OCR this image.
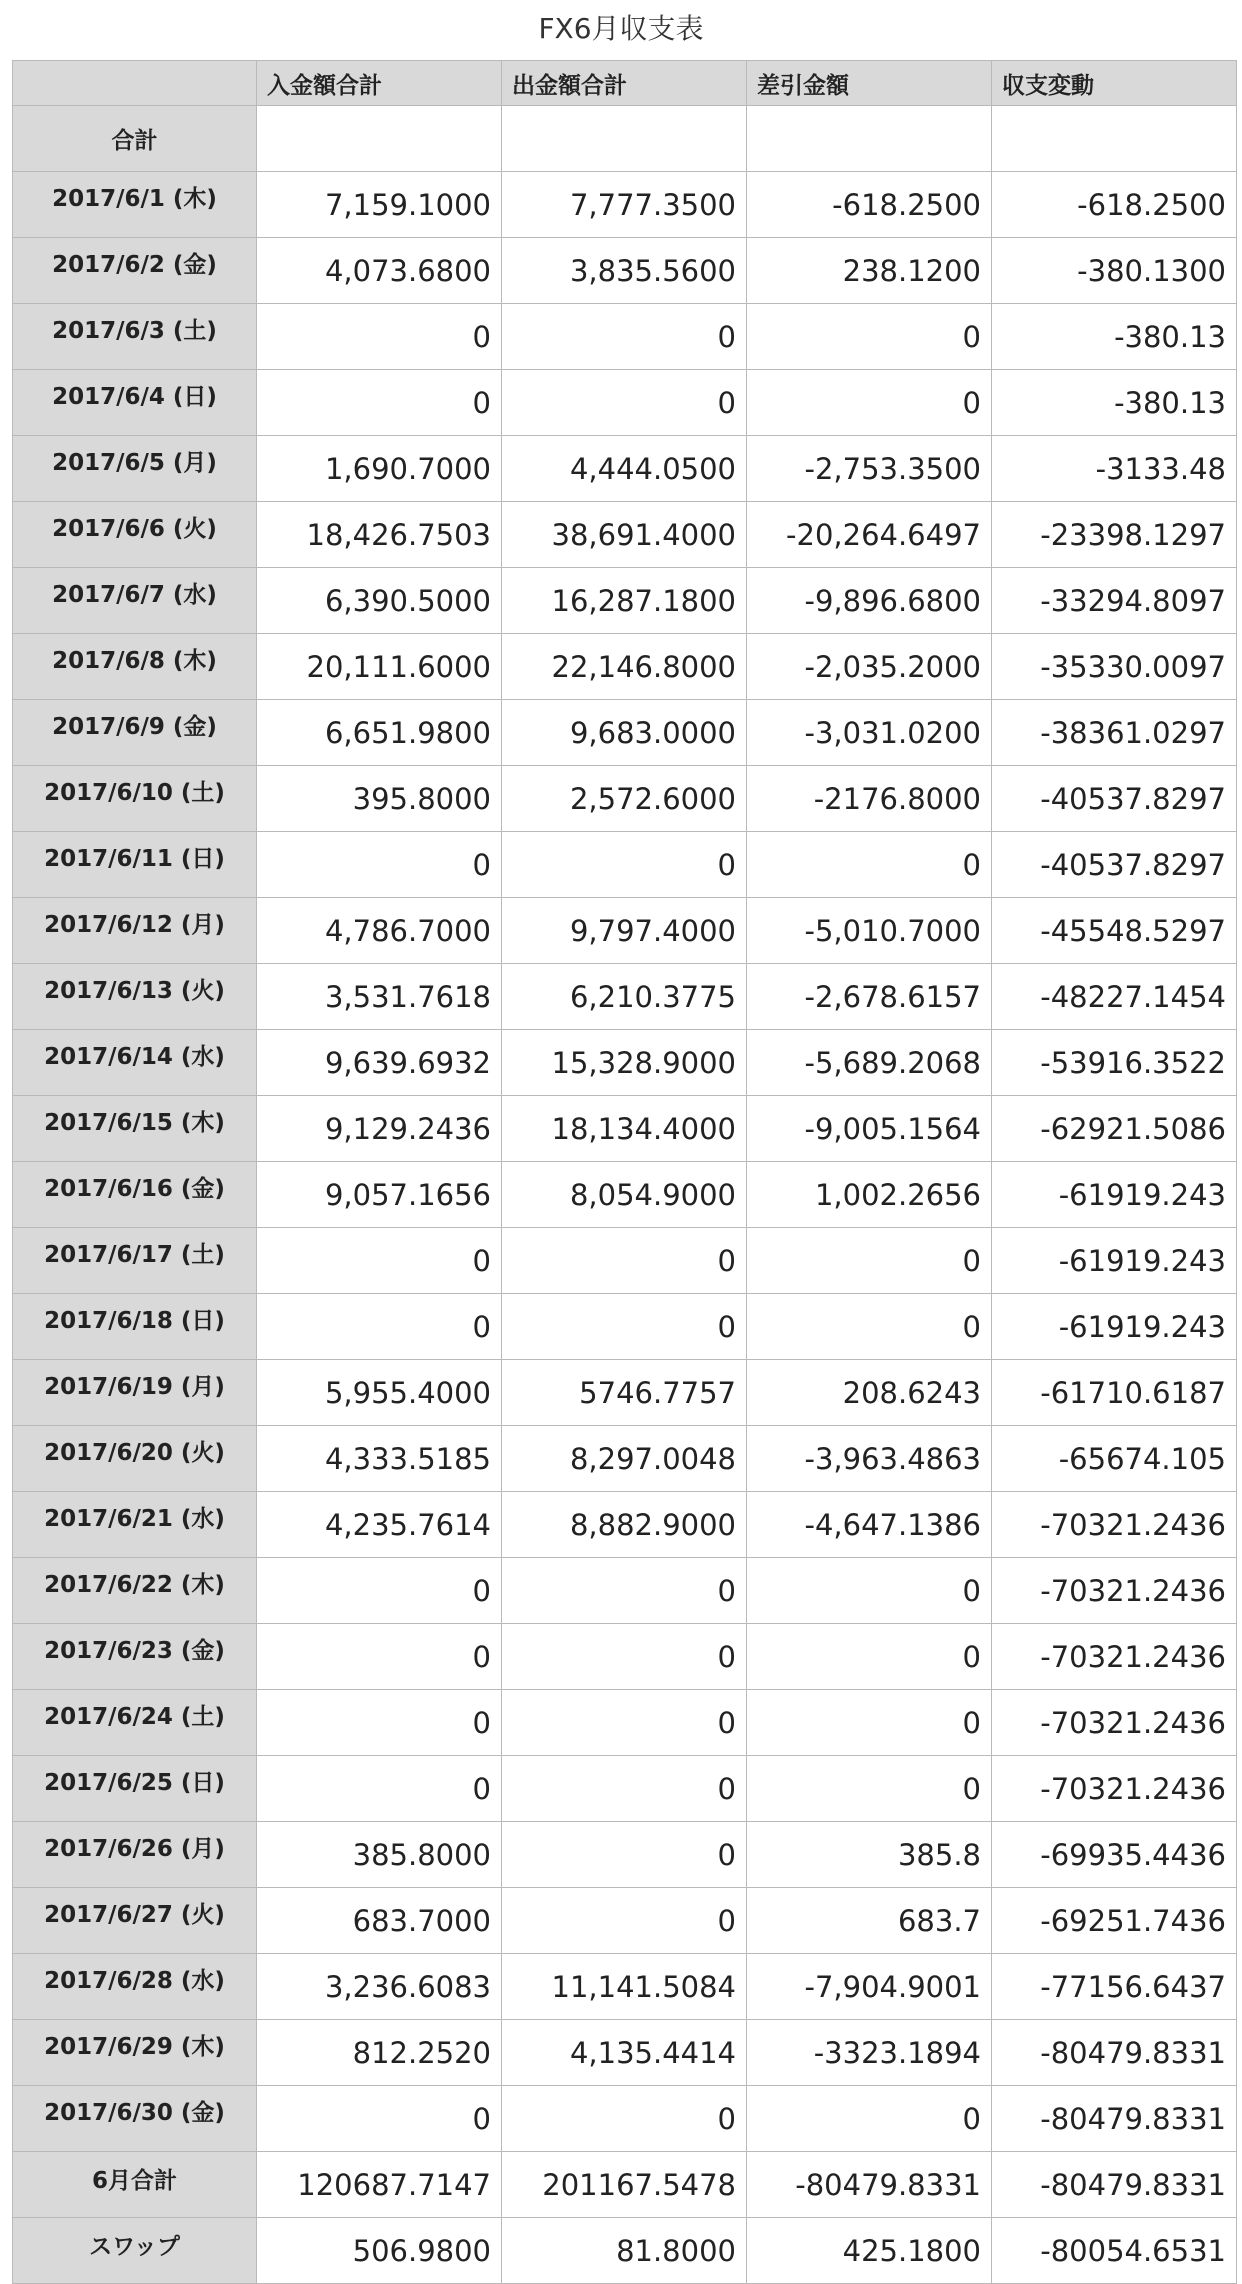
FX6月収支表
	入金額合計	出金額合計	差引金額	収支変動
合計				
2017/6/1 (木)	7,159.1000	7,777.3500	-618.2500	-618.2500
2017/6/2 (金)	4,073.6800	3,835.5600	238.1200	-380.1300
2017/6/3 (土)	0	0	0	-380.13
2017/6/4 (日)	0	0	0	-380.13
2017/6/5 (月)	1,690.7000	4,444.0500	-2,753.3500	-3133.48
2017/6/6 (火)	18,426.7503	38,691.4000	-20,264.6497	-23398.1297
2017/6/7 (水)	6,390.5000	16,287.1800	-9,896.6800	-33294.8097
2017/6/8 (木)	20,111.6000	22,146.8000	-2,035.2000	-35330.0097
2017/6/9 (金)	6,651.9800	9,683.0000	-3,031.0200	-38361.0297
2017/6/10 (土)	395.8000	2,572.6000	-2176.8000	-40537.8297
2017/6/11 (日)	0	0	0	-40537.8297
2017/6/12 (月)	4,786.7000	9,797.4000	-5,010.7000	-45548.5297
2017/6/13 (火)	3,531.7618	6,210.3775	-2,678.6157	-48227.1454
2017/6/14 (水)	9,639.6932	15,328.9000	-5,689.2068	-53916.3522
2017/6/15 (木)	9,129.2436	18,134.4000	-9,005.1564	-62921.5086
2017/6/16 (金)	9,057.1656	8,054.9000	1,002.2656	-61919.243
2017/6/17 (土)	0	0	0	-61919.243
2017/6/18 (日)	0	0	0	-61919.243
2017/6/19 (月)	5,955.4000	5746.7757	208.6243	-61710.6187
2017/6/20 (火)	4,333.5185	8,297.0048	-3,963.4863	-65674.105
2017/6/21 (水)	4,235.7614	8,882.9000	-4,647.1386	-70321.2436
2017/6/22 (木)	0	0	0	-70321.2436
2017/6/23 (金)	0	0	0	-70321.2436
2017/6/24 (土)	0	0	0	-70321.2436
2017/6/25 (日)	0	0	0	-70321.2436
2017/6/26 (月)	385.8000	0	385.8	-69935.4436
2017/6/27 (火)	683.7000	0	683.7	-69251.7436
2017/6/28 (水)	3,236.6083	11,141.5084	-7,904.9001	-77156.6437
2017/6/29 (木)	812.2520	4,135.4414	-3323.1894	-80479.8331
2017/6/30 (金)	0	0	0	-80479.8331
6月合計	120687.7147	201167.5478	-80479.8331	-80479.8331
スワップ	506.9800	81.8000	425.1800	-80054.6531
